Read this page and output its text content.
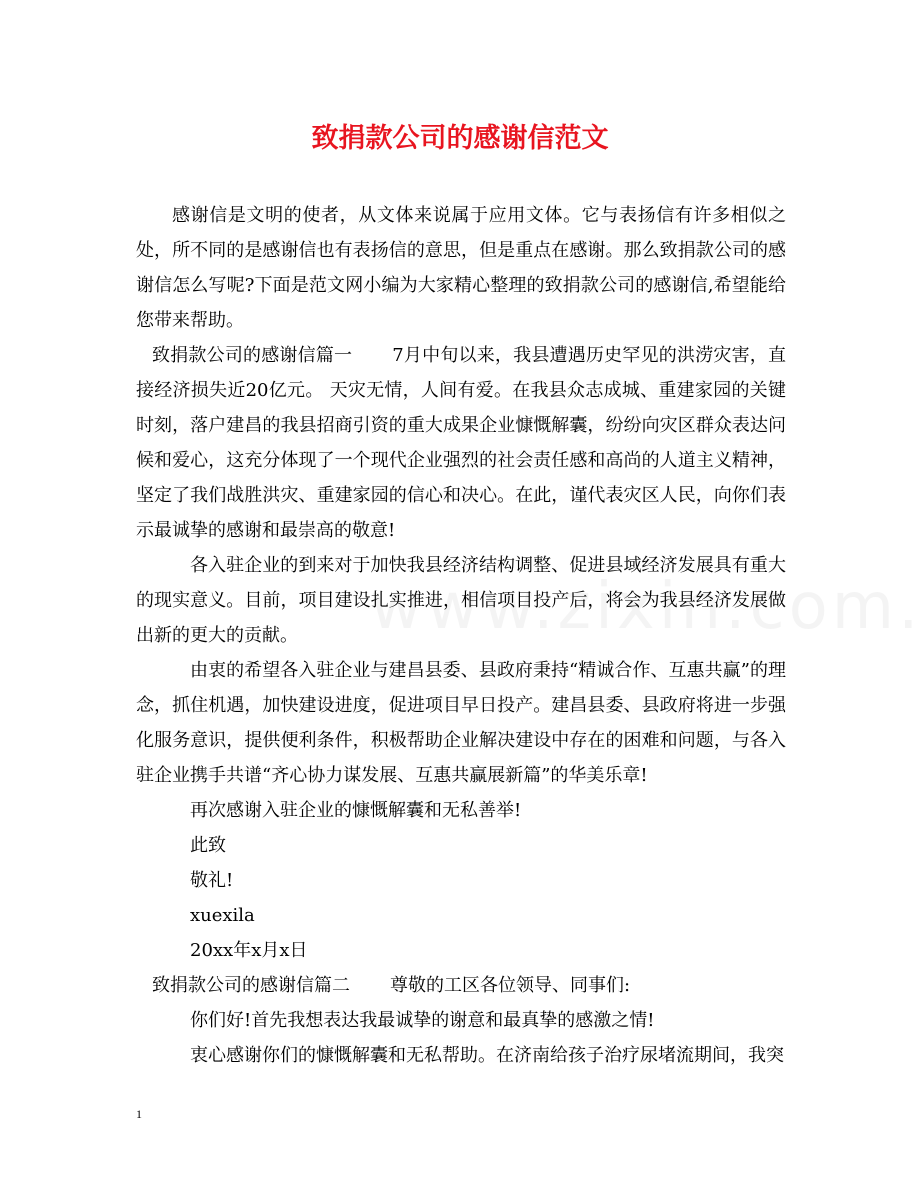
致捐款公司的感谢信范文

感谢信是文明的使者，从文体来说属于应用文体。它与表扬信有许多相似之处，所不同的是感谢信也有表扬信的意思，但是重点在感谢。那么致捐款公司的感谢信怎么写呢?下面是范文网小编为大家精心整理的致捐款公司的感谢信,希望能给您带来帮助。

致捐款公司的感谢信篇一 7月中旬以来，我县遭遇历史罕见的洪涝灾害，直接经济损失近20亿元。 天灾无情，人间有爱。在我县众志成城、重建家园的关键时刻，落户建昌的我县招商引资的重大成果企业慷慨解囊，纷纷向灾区群众表达问候和爱心，这充分体现了一个现代企业强烈的社会责任感和高尚的人道主义精神，坚定了我们战胜洪灾、重建家园的信心和决心。在此，谨代表灾区人民，向你们表示最诚挚的感谢和最崇高的敬意!

各入驻企业的到来对于加快我县经济结构调整、促进县域经济发展具有重大的现实意义。目前，项目建设扎实推进，相信项目投产后，将会为我县经济发展做出新的更大的贡献。

由衷的希望各入驻企业与建昌县委、县政府秉持“精诚合作、互惠共赢”的理念，抓住机遇，加快建设进度，促进项目早日投产。建昌县委、县政府将进一步强化服务意识，提供便利条件，积极帮助企业解决建设中存在的困难和问题，与各入驻企业携手共谱“齐心协力谋发展、互惠共赢展新篇”的华美乐章!

再次感谢入驻企业的慷慨解囊和无私善举!

此致

敬礼!

xuexila

20xx年x月x日

致捐款公司的感谢信篇二 尊敬的工区各位领导、同事们:

你们好!首先我想表达我最诚挚的谢意和最真挚的感激之情!

衷心感谢你们的慷慨解囊和无私帮助。在济南给孩子治疗尿堵流期间，我突

1
